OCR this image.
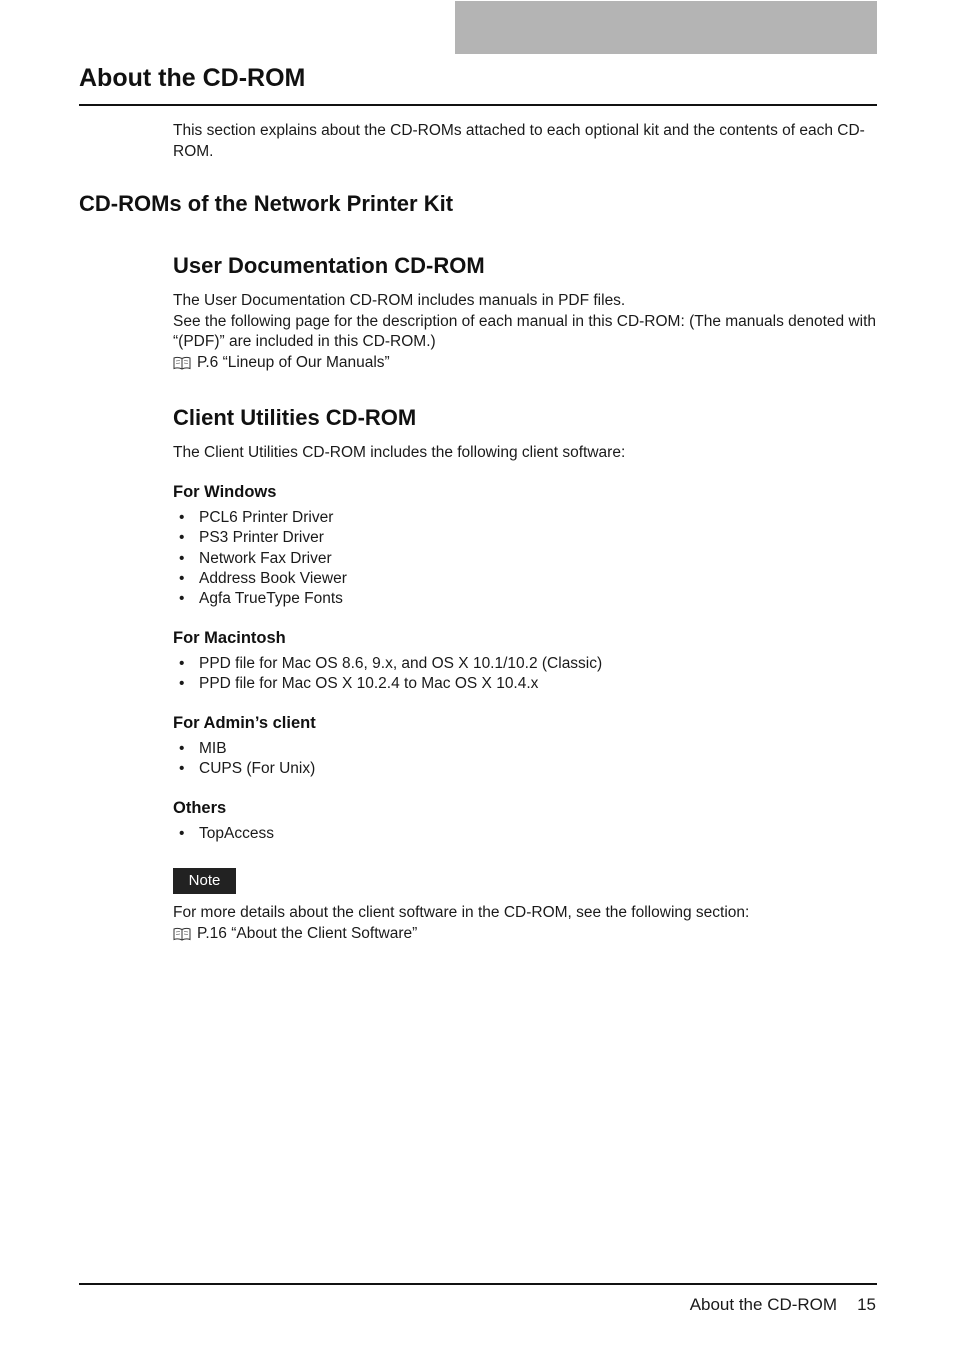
About the CD-ROM

This section explains about the CD-ROMs attached to each optional kit and the contents of each CD-ROM.

CD-ROMs of the Network Printer Kit
User Documentation CD-ROM

The User Documentation CD-ROM includes manuals in PDF files.

See the following page for the description of each manual in this CD-ROM: (The manuals denoted with “(PDF)” are included in this CD-ROM.)

P.6 “Lineup of Our Manuals”

Client Utilities CD-ROM

The Client Utilities CD-ROM includes the following client software:

For Windows
• PCL6 Printer Driver
• PS3 Printer Driver
• Network Fax Driver
• Address Book Viewer
• Agfa TrueType Fonts
For Macintosh
• PPD file for Mac OS 8.6, 9.x, and OS X 10.1/10.2 (Classic)
• PPD file for Mac OS X 10.2.4 to Mac OS X 10.4.x
For Admin’s client
• MIB
• CUPS (For Unix)
Others
• TopAccess
Note

For more details about the client software in the CD-ROM, see the following section:

P.16 “About the Client Software”

About the CD-ROM 15
